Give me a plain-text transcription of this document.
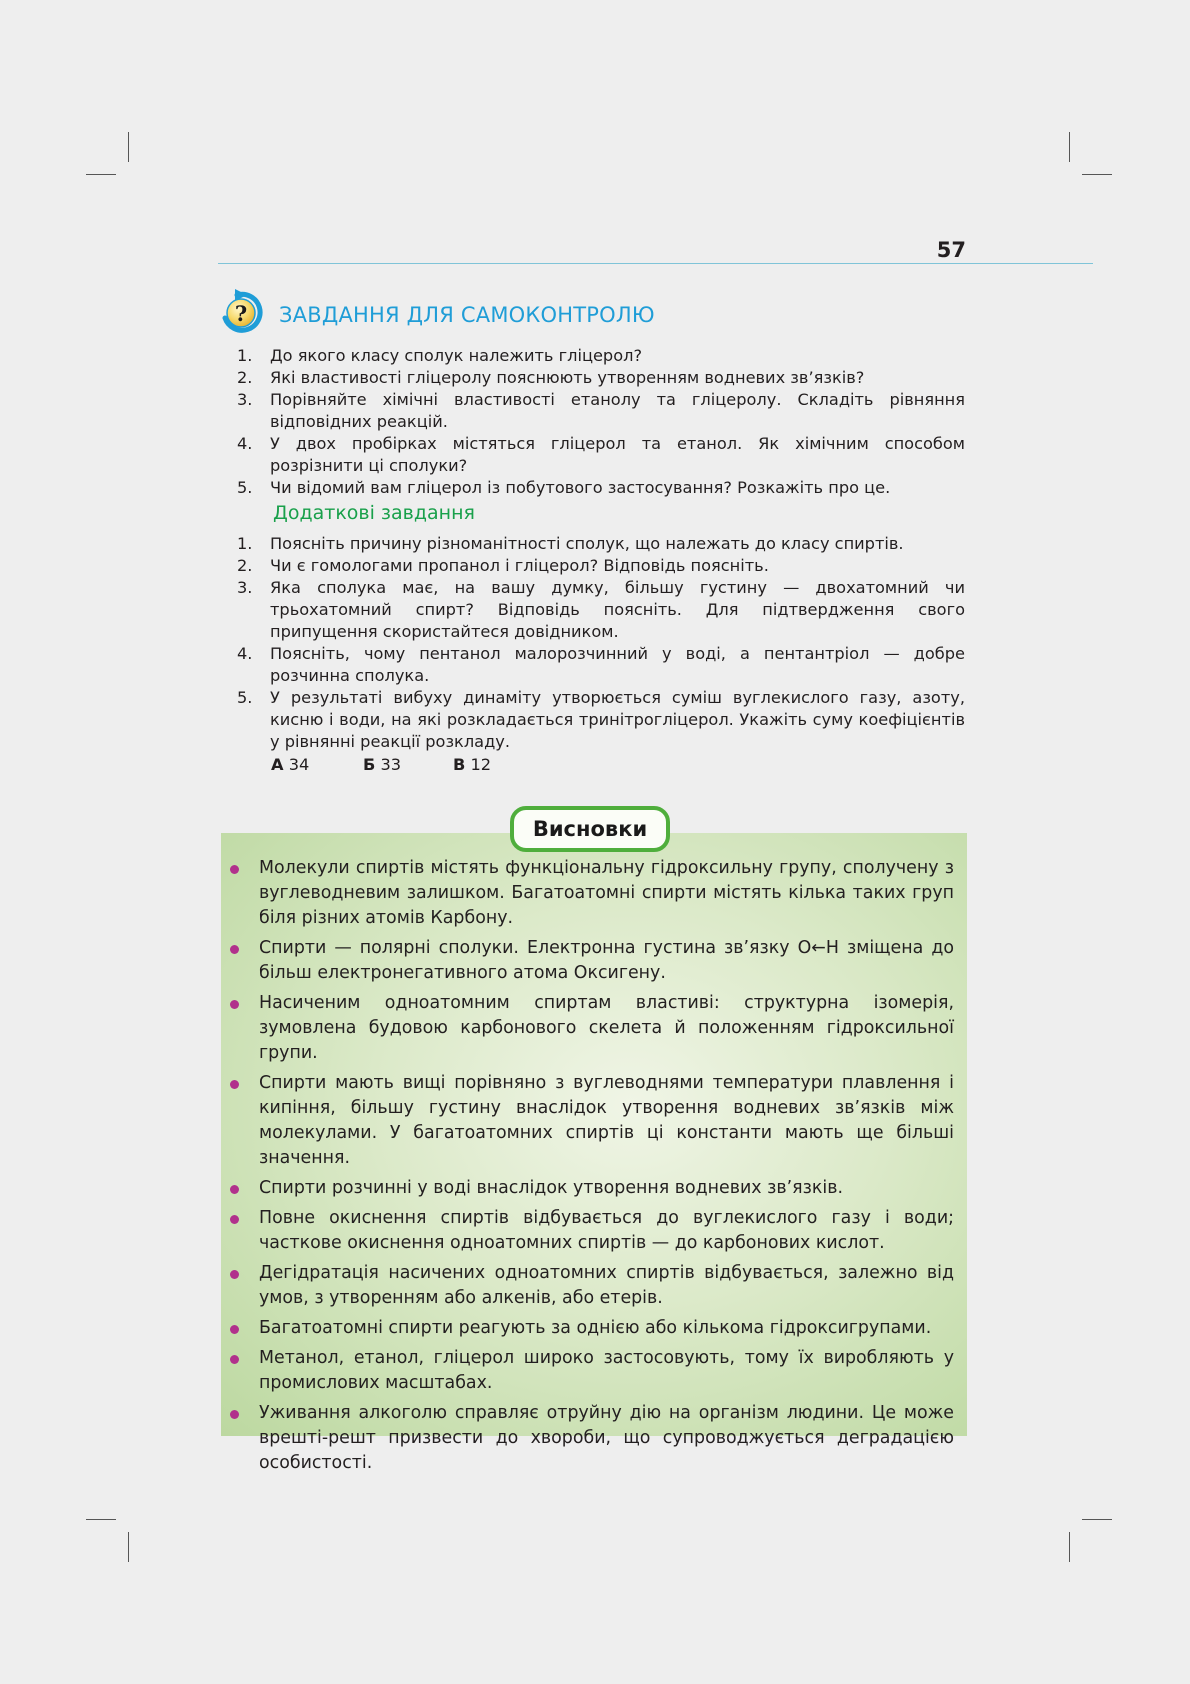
57
? ЗАВДАННЯ ДЛЯ САМОКОНТРОЛЮ
1. До якого класу сполук належить гліцерол?
2. Які властивості гліцеролу пояснюють утворенням водневих зв’язків?
3. Порівняйте хімічні властивості етанолу та гліцеролу. Складіть рівняння відповідних реакцій.
4. У двох пробірках містяться гліцерол та етанол. Як хімічним способом розрізнити ці сполуки?
5. Чи відомий вам гліцерол із побутового застосування? Розкажіть про це.
Додаткові завдання
1. Поясніть причину різноманітності сполук, що належать до класу спиртів.
2. Чи є гомологами пропанол і гліцерол? Відповідь поясніть.
3. Яка сполука має, на вашу думку, більшу густину — двохатомний чи трьохатомний спирт? Відповідь поясніть. Для підтвердження свого припущення скористайтеся довідником.
4. Поясніть, чому пентанол малорозчинний у воді, а пентантріол — добре розчинна сполука.
5. У результаті вибуху динаміту утворюється суміш вуглекислого газу, азоту, кисню і води, на які розкладається тринітрогліцерол. Укажіть суму коефіцієнтів у рівнянні реакції розкладу.
А 34	Б 33	В 12
Висновки
Молекули спиртів містять функціональну гідроксильну групу, сполучену з вуглеводневим залишком. Багатоатомні спирти містять кілька таких груп біля різних атомів Карбону.
Спирти — полярні сполуки. Електронна густина зв’язку O←H зміщена до більш електронегативного атома Оксигену.
Насиченим одноатомним спиртам властиві: структурна ізомерія, зумовлена будовою карбонового скелета й положенням гідроксильної групи.
Спирти мають вищі порівняно з вуглеводнями температури плавлення і кипіння, більшу густину внаслідок утворення водневих зв’язків між молекулами. У багатоатомних спиртів ці константи мають ще більші значення.
Спирти розчинні у воді внаслідок утворення водневих зв’язків.
Повне окиснення спиртів відбувається до вуглекислого газу і води; часткове окиснення одноатомних спиртів — до карбонових кислот.
Дегідратація насичених одноатомних спиртів відбувається, залежно від умов, з утворенням або алкенів, або етерів.
Багатоатомні спирти реагують за однією або кількома гідроксигрупами.
Метанол, етанол, гліцерол широко застосовують, тому їх виробляють у промислових масштабах.
Уживання алкоголю справляє отруйну дію на організм людини. Це може врешті-решт призвести до хвороби, що супроводжується деградацією особистості.
